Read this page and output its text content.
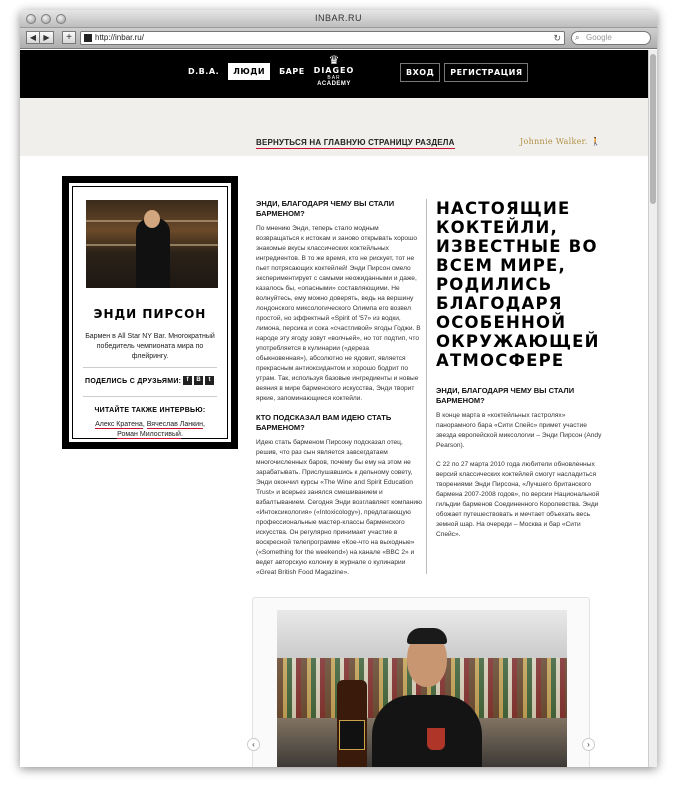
INBAR.RU
◀ ▶	+	http://inbar.ru/	↻ ⌕ Google
D.B.A.	ЛЮДИ	БАРЕ
♛
DIAGEO
BAR
ACADEMY
ВХОД	РЕГИСТРАЦИЯ
ВЕРНУТЬСЯ НА ГЛАВНУЮ СТРАНИЦУ РАЗДЕЛА	Johnnie Walker. 🚶
ЭНДИ ПИРСОН
Бармен в All Star NY Bar. Многократный победитель чемпионата мира по флейрингу.
ПОДЕЛИСЬ С ДРУЗЬЯМИ: f	В	t
ЧИТАЙТЕ ТАКЖЕ ИНТЕРВЬЮ:
Алекс Кратена, Вячеслав Ланкин,
Роман Милостивый.
ЭНДИ, БЛАГОДАРЯ ЧЕМУ ВЫ СТАЛИ БАРМЕНОМ?
По мнению Энди, теперь стало модным возвращаться к истокам и заново открывать хорошо знакомые вкусы классических коктейльных ингредиентов. В то же время, кто не рискует, тот не пьет потрясающих коктейлей! Энди Пирсон смело экспериментирует с самыми неожиданными и даже, казалось бы, «опасными» составляющими. Не волнуйтесь, ему можно доверять, ведь на вершину лондонского миксологического Олимпа его возвел простой, но эффектный «Spirit of '57» из водки, лимона, персика и сока «счастливой» ягоды Годжи. В народе эту ягоду зовут «волчьей», но тот подтип, что употребляется в кулинарии («дереза обыкновенная»), абсолютно не ядовит, является прекрасным антиоксидантом и хорошо бодрит по утрам. Так, используя базовые ингредиенты и новые веяния в мире барменского искусства, Энди творит яркие, запоминающиеся коктейли.
КТО ПОДСКАЗАЛ ВАМ ИДЕЮ СТАТЬ БАРМЕНОМ?
Идею стать барменом Пирсону подсказал отец, решив, что раз сын является завсегдатаем многочисленных баров, почему бы ему на этом не зарабатывать. Прислушавшись к дельному совету, Энди окончил курсы «The Wine and Spirit Education Trust» и всерьез занялся смешиванием и взбалтыванием. Сегодня Энди возглавляет компанию «Интоксикология» («Intoxicology»), предлагающую профессиональные мастер-классы барменского искусства. Он регулярно принимает участие в воскресной телепрограмме «Кое-что на выходные» («Something for the weekend») на канале «BBC 2» и ведет авторскую колонку в журнале о кулинарии «Great British Food Magazine».
НАСТОЯЩИЕ КОКТЕЙЛИ, ИЗВЕСТНЫЕ ВО ВСЕМ МИРЕ, РОДИЛИСЬ БЛАГОДАРЯ ОСОБЕННОЙ ОКРУЖАЮЩЕЙ АТМОСФЕРЕ
ЭНДИ, БЛАГОДАРЯ ЧЕМУ ВЫ СТАЛИ БАРМЕНОМ?
В конце марта в «коктейльных гастролях» панорамного бара «Сити Спейс» примет участие звезда европейской миксологии – Энди Пирсон (Andy Pearson).
С 22 по 27 марта 2010 года любители обновленных версий классических коктейлей смогут насладиться творениями Энди Пирсона, «Лучшего британского бармена 2007-2008 годов», по версии Национальной гильдии барменов Соединенного Королевства. Энди обожает путешествовать и мечтает объехать весь земной шар. На очереди – Москва и бар «Сити Спейс».
‹	›
